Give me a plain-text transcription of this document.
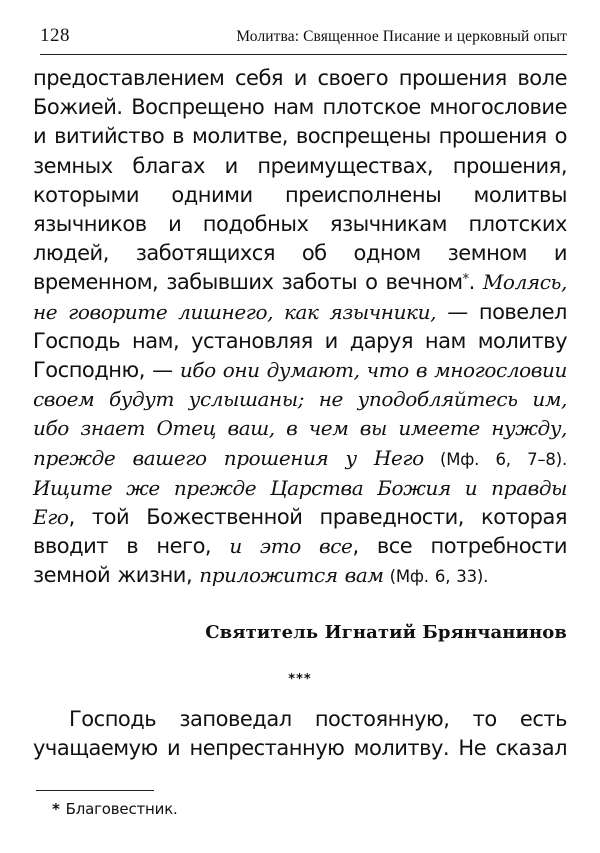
128	Молитва: Священное Писание и церковный опыт

предоставлением себя и своего прошения воле Божией. Воспрещено нам плотское многословие и витийство в молитве, воспрещены прошения о земных благах и преимуществах, прошения, которыми одними преисполнены молитвы язычников и подобных язычникам плотских людей, заботящихся об одном земном и временном, забывших заботы о вечном*. Молясь, не говорите лишнего, как язычники, — повелел Господь нам, установляя и даруя нам молитву Господню, — ибо они думают, что в многословии своем будут услышаны; не уподобляйтесь им, ибо знает Отец ваш, в чем вы имеете нужду, прежде вашего прошения у Него (Мф. 6, 7–8). Ищите же прежде Царства Божия и правды Его, той Божественной праведности, которая вводит в него, и это все, все потребности земной жизни, приложится вам (Мф. 6, 33).

Святитель Игнатий Брянчанинов
***

Господь заповедал постоянную, то есть учащаемую и непрестанную молитву. Не сказал

* Благовестник.
